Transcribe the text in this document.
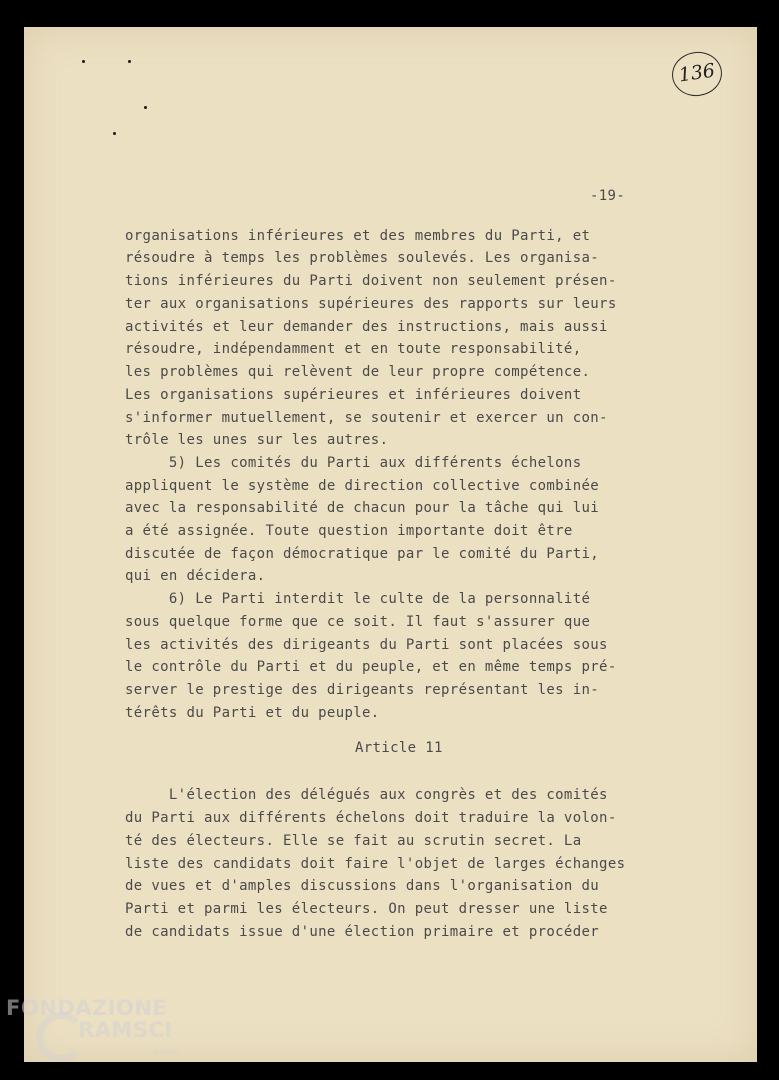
136
-19-
organisations inférieures et des membres du Parti, et
résoudre à temps les problèmes soulevés. Les organisa-
tions inférieures du Parti doivent non seulement présen-
ter aux organisations supérieures des rapports sur leurs
activités et leur demander des instructions, mais aussi
résoudre, indépendamment et en toute responsabilité,
les problèmes qui relèvent de leur propre compétence.
Les organisations supérieures et inférieures doivent
s'informer mutuellement, se soutenir et exercer un con-
trôle les unes sur les autres.
5) Les comités du Parti aux différents échelons
appliquent le système de direction collective combinée
avec la responsabilité de chacun pour la tâche qui lui
a été assignée. Toute question importante doit être
discutée de façon démocratique par le comité du Parti,
qui en décidera.
6) Le Parti interdit le culte de la personnalité
sous quelque forme que ce soit. Il faut s'assurer que
les activités des dirigeants du Parti sont placées sous
le contrôle du Parti et du peuple, et en même temps pré-
server le prestige des dirigeants représentant les in-
térêts du Parti et du peuple.
Article 11
L'élection des délégués aux congrès et des comités
du Parti aux différents échelons doit traduire la volon-
té des électeurs. Elle se fait au scrutin secret. La
liste des candidats doit faire l'objet de larges échanges
de vues et d'amples discussions dans l'organisation du
Parti et parmi les électeurs. On peut dresser une liste
de candidats issue d'une élection primaire et procéder
FONDAZIONE
RAMSCI
onlus
